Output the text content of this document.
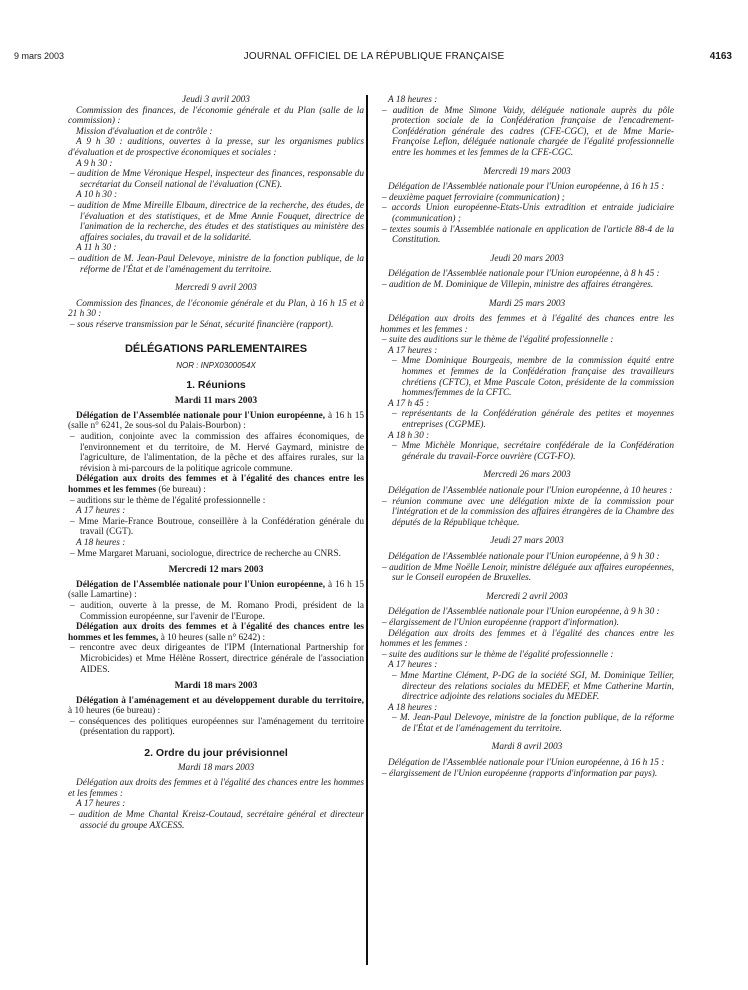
9 mars 2003	JOURNAL OFFICIEL DE LA RÉPUBLIQUE FRANÇAISE	4163

Jeudi 3 avril 2003

Commission des finances, de l'économie générale et du Plan (salle de la commission) :

Mission d'évaluation et de contrôle :

A 9 h 30 : auditions, ouvertes à la presse, sur les organismes publics d'évaluation et de prospective économiques et sociales :

A 9 h 30 :

– audition de Mme Véronique Hespel, inspecteur des finances, responsable du secrétariat du Conseil national de l'évaluation (CNE).

A 10 h 30 :

– audition de Mme Mireille Elbaum, directrice de la recherche, des études, de l'évaluation et des statistiques, et de Mme Annie Fouquet, directrice de l'animation de la recherche, des études et des statistiques au ministère des affaires sociales, du travail et de la solidarité.

A 11 h 30 :

– audition de M. Jean-Paul Delevoye, ministre de la fonction publique, de la réforme de l'État et de l'aménagement du territoire.

Mercredi 9 avril 2003

Commission des finances, de l'économie générale et du Plan, à 16 h 15 et à 21 h 30 :

– sous réserve transmission par le Sénat, sécurité financière (rapport).

DÉLÉGATIONS PARLEMENTAIRES
NOR : INPX0300054X
1. Réunions
Mardi 11 mars 2003

Délégation de l'Assemblée nationale pour l'Union européenne, à 16 h 15 (salle n° 6241, 2e sous-sol du Palais-Bourbon) :

– audition, conjointe avec la commission des affaires économiques, de l'environnement et du territoire, de M. Hervé Gaymard, ministre de l'agriculture, de l'alimentation, de la pêche et des affaires rurales, sur la révision à mi-parcours de la politique agricole commune.

Délégation aux droits des femmes et à l'égalité des chances entre les hommes et les femmes (6e bureau) :

– auditions sur le thème de l'égalité professionnelle :

A 17 heures :

– Mme Marie-France Boutroue, conseillère à la Confédération générale du travail (CGT).

A 18 heures :

– Mme Margaret Maruani, sociologue, directrice de recherche au CNRS.

Mercredi 12 mars 2003

Délégation de l'Assemblée nationale pour l'Union européenne, à 16 h 15 (salle Lamartine) :

– audition, ouverte à la presse, de M. Romano Prodi, président de la Commission européenne, sur l'avenir de l'Europe.

Délégation aux droits des femmes et à l'égalité des chances entre les hommes et les femmes, à 10 heures (salle n° 6242) :

– rencontre avec deux dirigeantes de l'IPM (International Partnership for Microbicides) et Mme Hélène Rossert, directrice générale de l'association AIDES.

Mardi 18 mars 2003

Délégation à l'aménagement et au développement durable du territoire, à 10 heures (6e bureau) :

– conséquences des politiques européennes sur l'aménagement du territoire (présentation du rapport).

2. Ordre du jour prévisionnel

Mardi 18 mars 2003

Délégation aux droits des femmes et à l'égalité des chances entre les hommes et les femmes :

A 17 heures :

– audition de Mme Chantal Kreisz-Coutaud, secrétaire général et directeur associé du groupe AXCESS.

A 18 heures :

– audition de Mme Simone Vaidy, déléguée nationale auprès du pôle protection sociale de la Confédération française de l'encadrement-Confédération générale des cadres (CFE-CGC), et de Mme Marie-Françoise Leflon, déléguée nationale chargée de l'égalité professionnelle entre les hommes et les femmes de la CFE-CGC.

Mercredi 19 mars 2003

Délégation de l'Assemblée nationale pour l'Union européenne, à 16 h 15 :

– deuxième paquet ferroviaire (communication) ;

– accords Union européenne-Etats-Unis extradition et entraide judiciaire (communication) ;

– textes soumis à l'Assemblée nationale en application de l'article 88-4 de la Constitution.

Jeudi 20 mars 2003

Délégation de l'Assemblée nationale pour l'Union européenne, à 8 h 45 :

– audition de M. Dominique de Villepin, ministre des affaires étrangères.

Mardi 25 mars 2003

Délégation aux droits des femmes et à l'égalité des chances entre les hommes et les femmes :

– suite des auditions sur le thème de l'égalité professionnelle :

A 17 heures :

– Mme Dominique Bourgeais, membre de la commission équité entre hommes et femmes de la Confédération française des travailleurs chrétiens (CFTC), et Mme Pascale Coton, présidente de la commission hommes/femmes de la CFTC.

A 17 h 45 :

– représentants de la Confédération générale des petites et moyennes entreprises (CGPME).

A 18 h 30 :

– Mme Michèle Monrique, secrétaire confédérale de la Confédération générale du travail-Force ouvrière (CGT-FO).

Mercredi 26 mars 2003

Délégation de l'Assemblée nationale pour l'Union européenne, à 10 heures :

– réunion commune avec une délégation mixte de la commission pour l'intégration et de la commission des affaires étrangères de la Chambre des députés de la République tchèque.

Jeudi 27 mars 2003

Délégation de l'Assemblée nationale pour l'Union européenne, à 9 h 30 :

– audition de Mme Noëlle Lenoir, ministre déléguée aux affaires européennes, sur le Conseil européen de Bruxelles.

Mercredi 2 avril 2003

Délégation de l'Assemblée nationale pour l'Union européenne, à 9 h 30 :

– élargissement de l'Union européenne (rapport d'information).

Délégation aux droits des femmes et à l'égalité des chances entre les hommes et les femmes :

– suite des auditions sur le thème de l'égalité professionnelle :

A 17 heures :

– Mme Martine Clément, P-DG de la société SGI, M. Dominique Tellier, directeur des relations sociales du MEDEF, et Mme Catherine Martin, directrice adjointe des relations sociales du MEDEF.

A 18 heures :

– M. Jean-Paul Delevoye, ministre de la fonction publique, de la réforme de l'État et de l'aménagement du territoire.

Mardi 8 avril 2003

Délégation de l'Assemblée nationale pour l'Union européenne, à 16 h 15 :

– élargissement de l'Union européenne (rapports d'information par pays).
